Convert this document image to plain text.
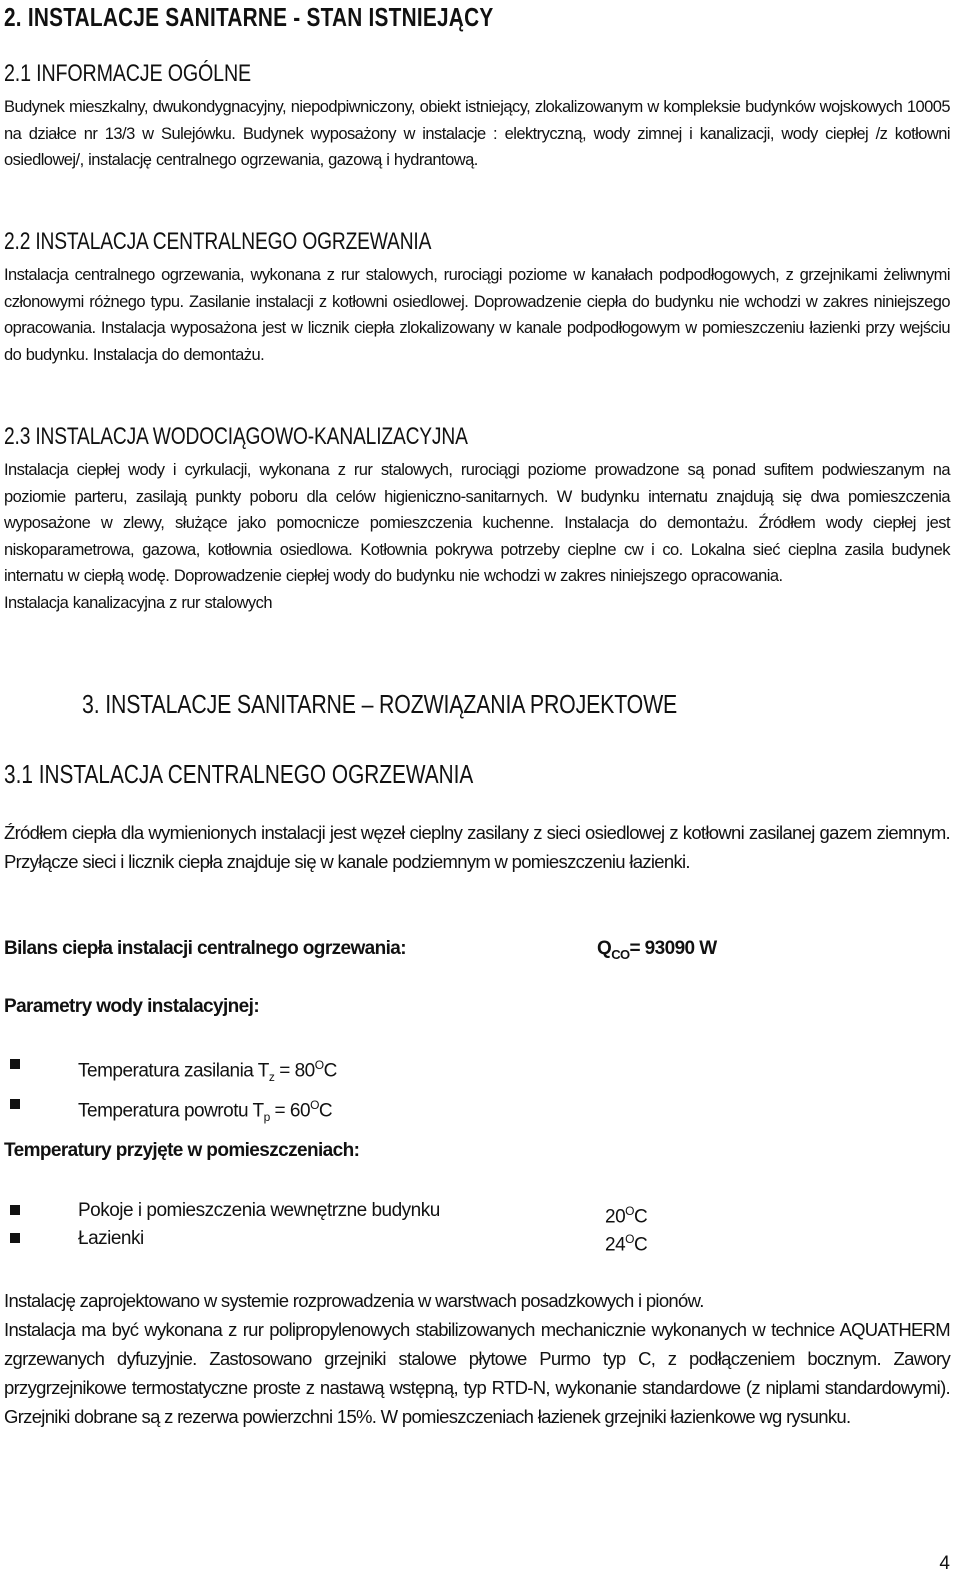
2. INSTALACJE SANITARNE - STAN ISTNIEJĄCY
2.1 INFORMACJE OGÓLNE

Budynek mieszkalny, dwukondygnacyjny, niepodpiwniczony, obiekt istniejący, zlokalizowanym w kompleksie budynków wojskowych 10005 na działce nr 13/3 w Sulejówku. Budynek wyposażony w instalacje : elektryczną, wody zimnej i kanalizacji, wody ciepłej /z kotłowni osiedlowej/, instalację centralnego ogrzewania, gazową i hydrantową.

2.2 INSTALACJA CENTRALNEGO OGRZEWANIA

Instalacja centralnego ogrzewania, wykonana z rur stalowych, rurociągi poziome w kanałach podpodłogowych, z grzejnikami żeliwnymi członowymi różnego typu. Zasilanie instalacji z kotłowni osiedlowej. Doprowadzenie ciepła do budynku nie wchodzi w zakres niniejszego opracowania. Instalacja wyposażona jest w licznik ciepła zlokalizowany w kanale podpodłogowym w pomieszczeniu łazienki przy wejściu do budynku. Instalacja do demontażu.

2.3 INSTALACJA WODOCIĄGOWO-KANALIZACYJNA

Instalacja ciepłej wody i cyrkulacji, wykonana z rur stalowych, rurociągi poziome prowadzone są ponad sufitem podwieszanym na poziomie parteru, zasilają punkty poboru dla celów higieniczno-sanitarnych. W budynku internatu znajdują się dwa pomieszczenia wyposażone w zlewy, służące jako pomocnicze pomieszczenia kuchenne. Instalacja do demontażu. Źródłem wody ciepłej jest niskoparametrowa, gazowa, kotłownia osiedlowa. Kotłownia pokrywa potrzeby cieplne cw i co. Lokalna sieć cieplna zasila budynek internatu w ciepłą wodę. Doprowadzenie ciepłej wody do budynku nie wchodzi w zakres niniejszego opracowania.

Instalacja kanalizacyjna z rur stalowych

3. INSTALACJE SANITARNE – ROZWIĄZANIA PROJEKTOWE
3.1 INSTALACJA CENTRALNEGO OGRZEWANIA

Źródłem ciepła dla wymienionych instalacji jest węzeł cieplny zasilany z sieci osiedlowej z kotłowni zasilanej gazem ziemnym. Przyłącze sieci i licznik ciepła znajduje się w kanale podziemnym w pomieszczeniu łazienki.

Bilans ciepła instalacji centralnego ogrzewania:	$Q_{CO}= 93090$ W
Parametry wody instalacyjnej:
Temperatura zasilania $T_z = 80^OC$
Temperatura powrotu $T_p = 60^OC$
Temperatury przyjęte w pomieszczeniach:
Pokoje i pomieszczenia wewnętrzne budynku	$20^OC$
Łazienki	$24^OC$

Instalację zaprojektowano w systemie rozprowadzenia w warstwach posadzkowych i pionów.

Instalacja ma być wykonana z rur polipropylenowych stabilizowanych mechanicznie wykonanych w technice AQUATHERM zgrzewanych dyfuzyjnie. Zastosowano grzejniki stalowe płytowe Purmo typ C, z podłączeniem bocznym. Zawory przygrzejnikowe termostatyczne proste z nastawą wstępną, typ RTD-N, wykonanie standardowe (z niplami standardowymi). Grzejniki dobrane są z rezerwa powierzchni 15%. W pomieszczeniach łazienek grzejniki łazienkowe wg rysunku.

4
